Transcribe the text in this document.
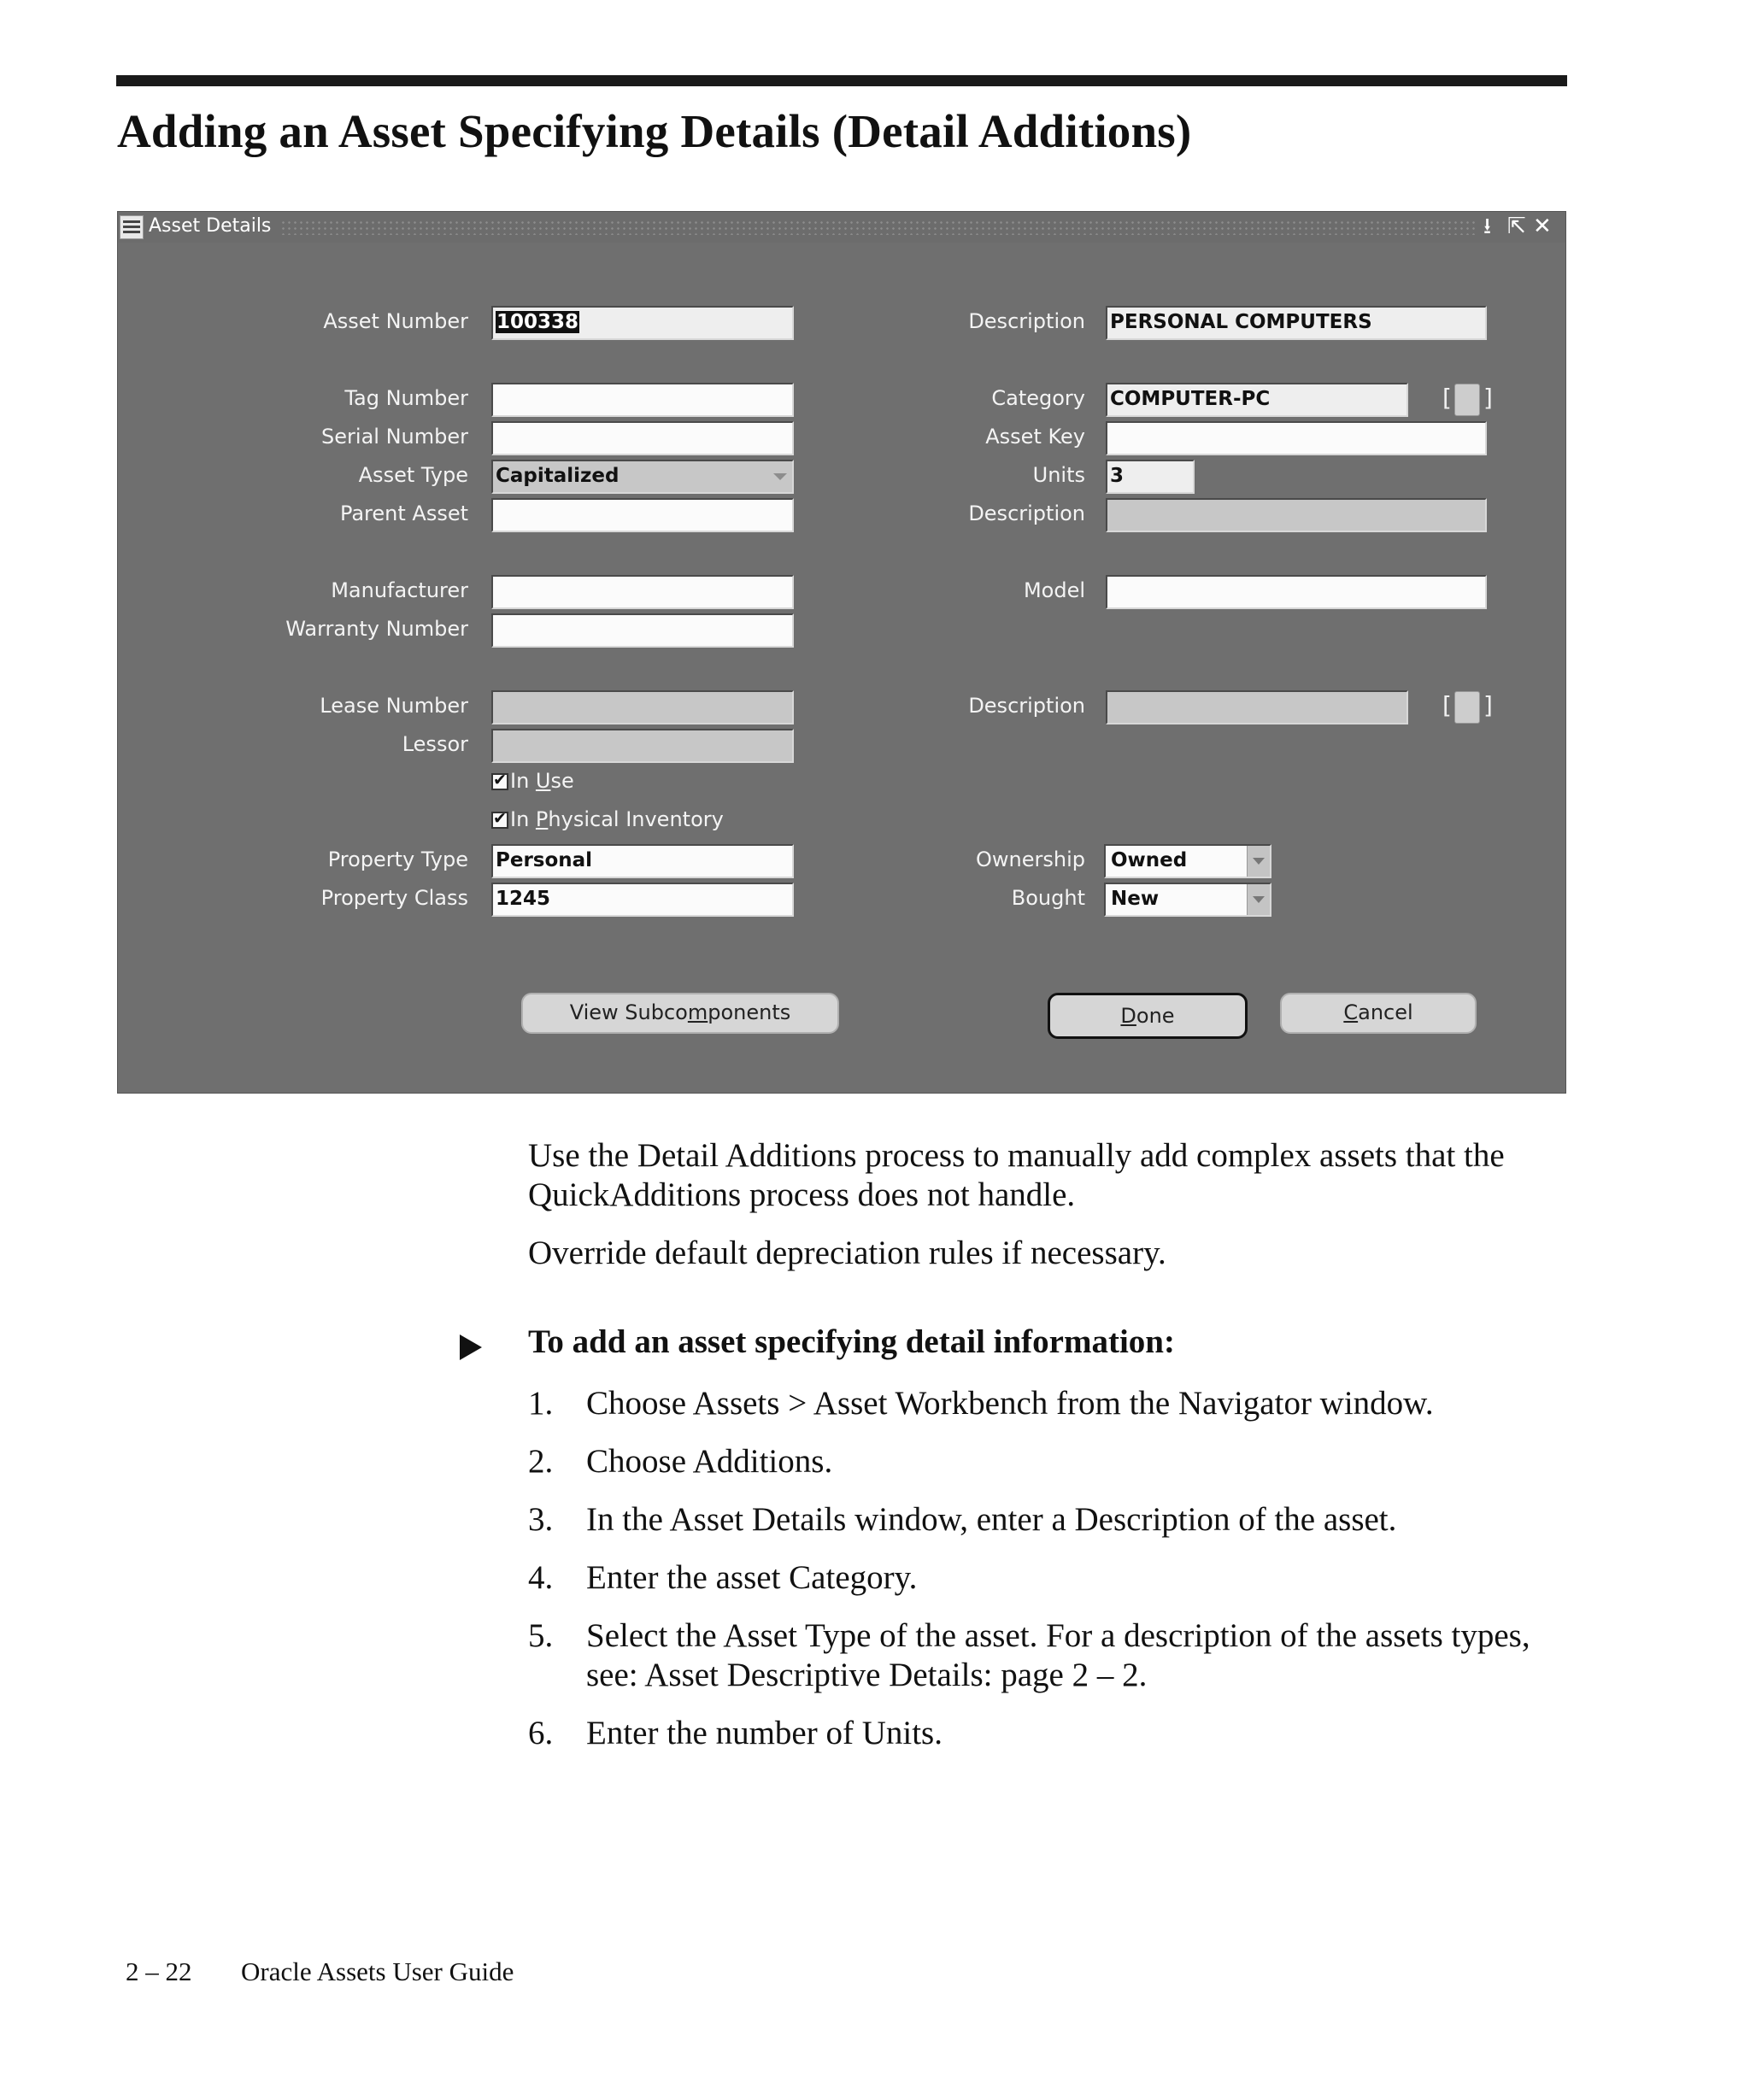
Adding an Asset Specifying Details (Detail Additions)
Asset Details	⭳ ⇱ ✕
Asset Number 100338	Description PERSONAL COMPUTERS
Tag Number	Category COMPUTER-PC	[ ]
Serial Number	Asset Key
Asset Type Capitalized	Units 3
Parent Asset	Description
Manufacturer	Model
Warranty Number
Lease Number	Description	[ ]
Lessor
✔
In Use
✔
In Physical Inventory
Property Type Personal	Ownership	Owned
Property Class 1245	Bought	New
View Subcomponents	Done	Cancel
Use the Detail Additions process to manually add complex assets that the QuickAdditions process does not handle.
Override default depreciation rules if necessary.
To add an asset specifying detail information:
1. Choose Assets > Asset Workbench from the Navigator window.
2. Choose Additions.
3. In the Asset Details window, enter a Description of the asset.
4. Enter the asset Category.
5. Select the Asset Type of the asset. For a description of the assets types, see: Asset Descriptive Details: page 2 – 2.
6. Enter the number of Units.
2 – 22 Oracle Assets User Guide
